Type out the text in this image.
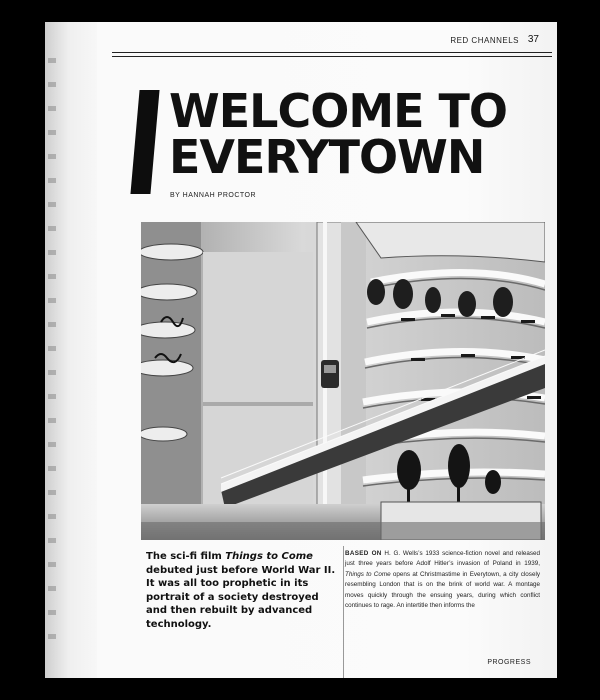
RED CHANNELS 37
WELCOME TO
EVERYTOWN
BY HANNAH PROCTOR
The sci-fi film Things to Come debuted just before World War II. It was all too prophetic in its portrait of a society destroyed and then rebuilt by advanced technology.
BASED ON H. G. Wells’s 1933 science-fiction novel and released just three years before Adolf Hitler’s invasion of Poland in 1939, Things to Come opens at Christmastime in Everytown, a city closely resembling London that is on the brink of world war. A montage moves quickly through the ensuing years, during which conflict continues to rage. An intertitle then informs the
PROGRESS
